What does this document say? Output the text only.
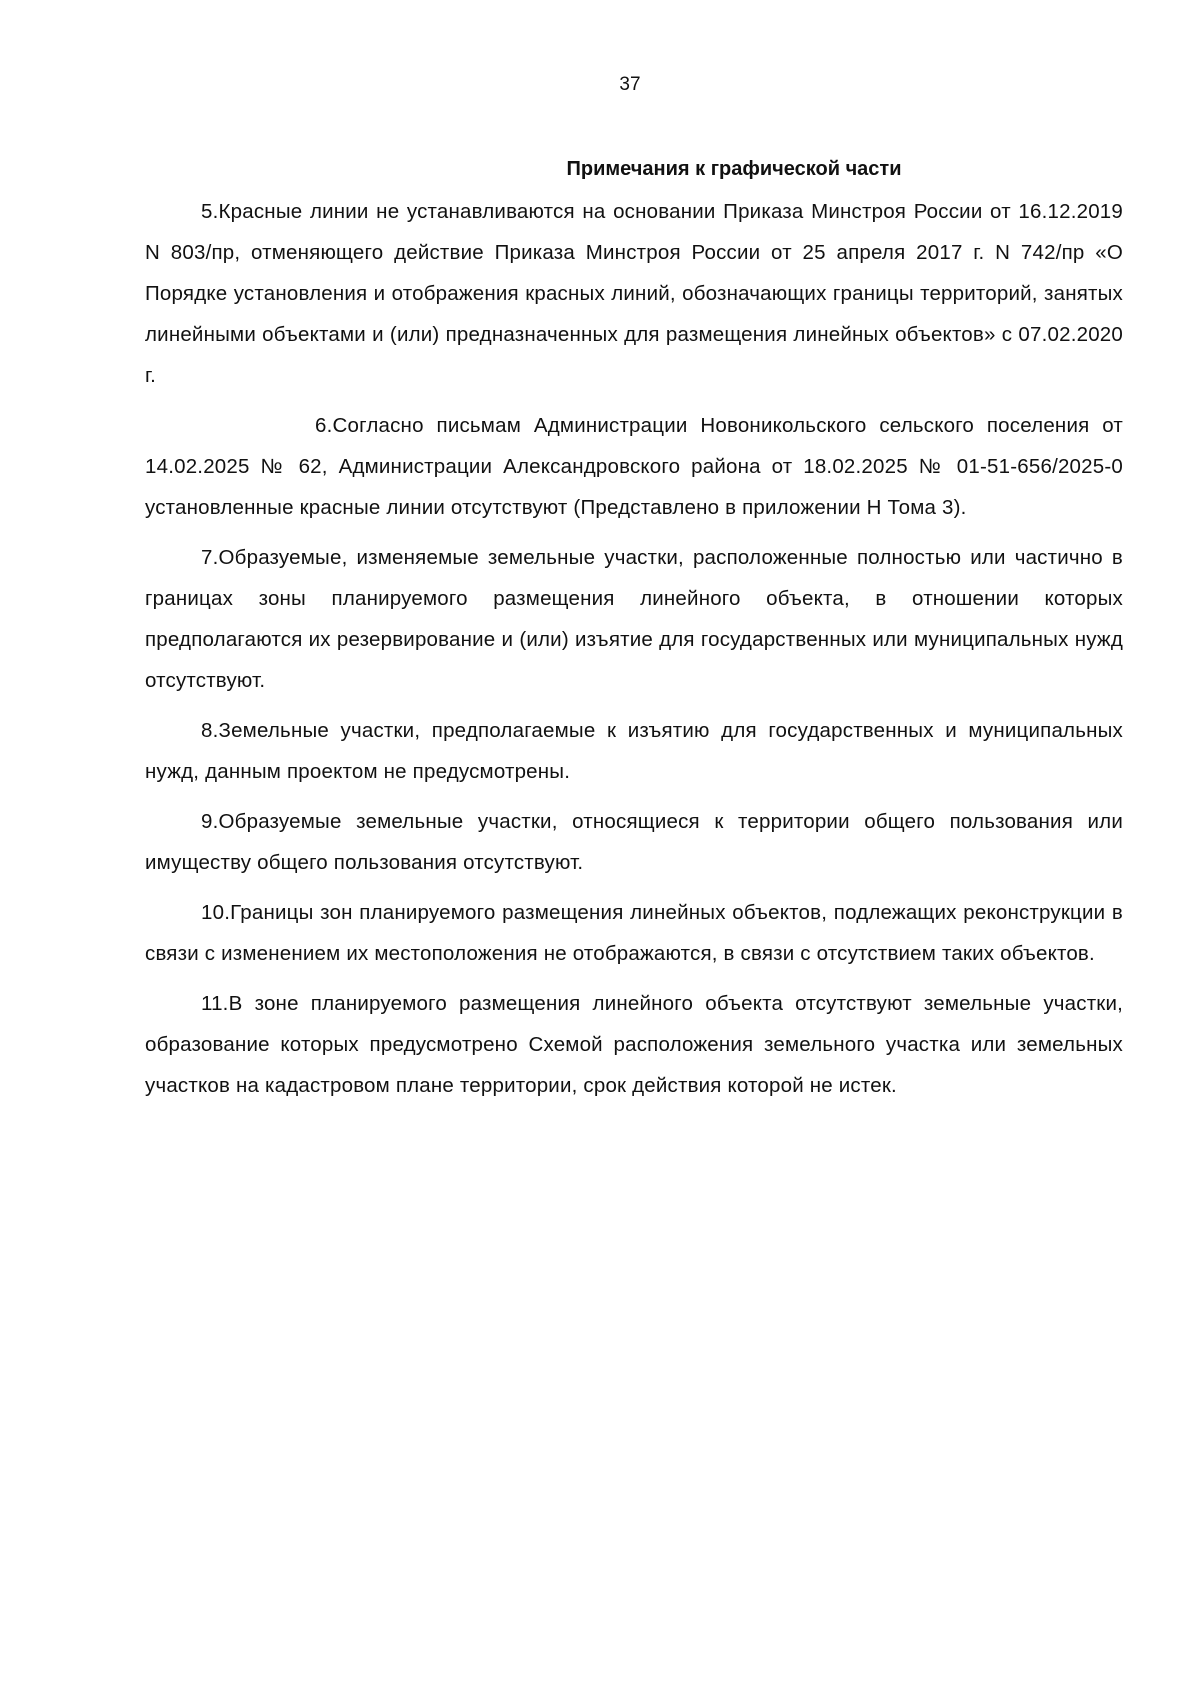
37
Примечания к графической части

5.Красные линии не устанавливаются на основании Приказа Минстроя России от 16.12.2019 N 803/пр, отменяющего действие Приказа Минстроя России от 25 апреля 2017 г. N 742/пр «О Порядке установления и отображения красных линий, обозначающих границы территорий, занятых линейными объектами и (или) предназначенных для размещения линейных объектов» с 07.02.2020 г.

6.Согласно письмам Администрации Новоникольского сельского поселения от 14.02.2025 № 62, Администрации Александровского района от 18.02.2025 № 01-51-656/2025-0 установленные красные линии отсутствуют (Представлено в приложении Н Тома 3).

7.Образуемые, изменяемые земельные участки, расположенные полностью или частично в границах зоны планируемого размещения линейного объекта, в отношении которых предполагаются их резервирование и (или) изъятие для государственных или муниципальных нужд отсутствуют.

8.Земельные участки, предполагаемые к изъятию для государственных и муниципальных нужд, данным проектом не предусмотрены.

9.Образуемые земельные участки, относящиеся к территории общего пользования или имуществу общего пользования отсутствуют.

10.Границы зон планируемого размещения линейных объектов, подлежащих реконструкции в связи с изменением их местоположения не отображаются, в связи с отсутствием таких объектов.

11.В зоне планируемого размещения линейного объекта отсутствуют земельные участки, образование которых предусмотрено Схемой расположения земельного участка или земельных участков на кадастровом плане территории, срок действия которой не истек.
